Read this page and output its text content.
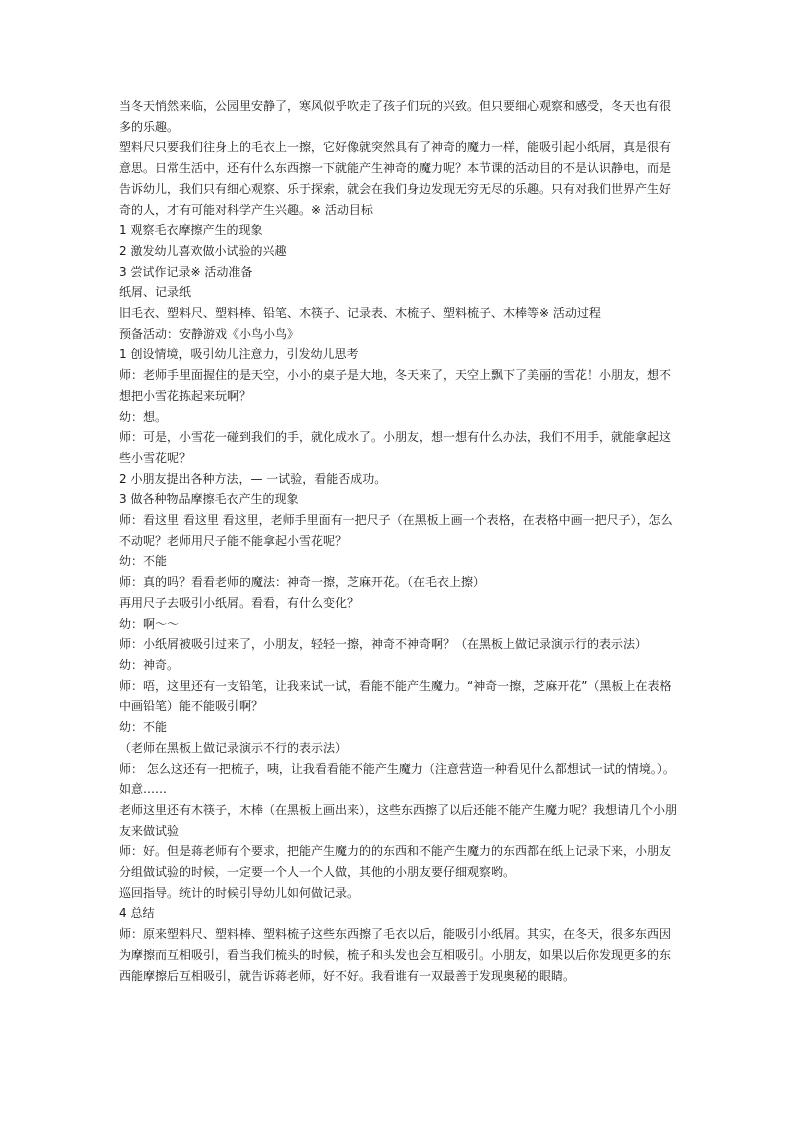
当冬天悄然来临，公园里安静了，寒风似乎吹走了孩子们玩的兴致。但只要细心观察和感受，冬天也有很

多的乐趣。

塑料尺只要我们往身上的毛衣上一擦，它好像就突然具有了神奇的魔力一样，能吸引起小纸屑，真是很有

意思。日常生活中，还有什么东西擦一下就能产生神奇的魔力呢？本节课的活动目的不是认识静电，而是

告诉幼儿，我们只有细心观察、乐于探索，就会在我们身边发现无穷无尽的乐趣。只有对我们世界产生好

奇的人，才有可能对科学产生兴趣。※ 活动目标

1 观察毛衣摩擦产生的现象

2 激发幼儿喜欢做小试验的兴趣

3 尝试作记录※ 活动准备

纸屑、记录纸

旧毛衣、塑料尺、塑料棒、铅笔、木筷子、记录表、木梳子、塑料梳子、木棒等※ 活动过程

预备活动：安静游戏《小鸟小鸟》

1 创设情境，吸引幼儿注意力，引发幼儿思考

师：老师手里面握住的是天空，小小的桌子是大地，冬天来了，天空上飘下了美丽的雪花！小朋友，想不

想把小雪花拣起来玩啊？

幼：想。

师：可是，小雪花一碰到我们的手，就化成水了。小朋友，想一想有什么办法，我们不用手，就能拿起这

些小雪花呢？

2 小朋友提出各种方法，— 一试验，看能否成功。

3 做各种物品摩擦毛衣产生的现象

师：看这里 看这里 看这里，老师手里面有一把尺子（在黑板上画一个表格，在表格中画一把尺子），怎么

不动呢？老师用尺子能不能拿起小雪花呢？

幼：不能

师：真的吗？看看老师的魔法：神奇一擦，芝麻开花。（在毛衣上擦）

再用尺子去吸引小纸屑。看看，有什么变化？

幼：啊～～

师：小纸屑被吸引过来了，小朋友，轻轻一擦，神奇不神奇啊？（在黑板上做记录演示行的表示法）

幼：神奇。

师：唔，这里还有一支铅笔，让我来试一试，看能不能产生魔力。“神奇一擦，芝麻开花”（黑板上在表格

中画铅笔）能不能吸引啊？

幼：不能

（老师在黑板上做记录演示不行的表示法）

师： 怎么这还有一把梳子，咦，让我看看能不能产生魔力（注意营造一种看见什么都想试一试的情境。）。

如意……

老师这里还有木筷子，木棒（在黑板上画出来），这些东西擦了以后还能不能产生魔力呢？我想请几个小朋

友来做试验

师：好。但是蒋老师有个要求，把能产生魔力的的东西和不能产生魔力的东西都在纸上记录下来，小朋友

分组做试验的时候，一定要一个人一个人做，其他的小朋友要仔细观察哟。

巡回指导。统计的时候引导幼儿如何做记录。

4 总结

师：原来塑料尺、塑料棒、塑料梳子这些东西擦了毛衣以后，能吸引小纸屑。其实，在冬天，很多东西因

为摩擦而互相吸引，看当我们梳头的时候，梳子和头发也会互相吸引。小朋友，如果以后你发现更多的东

西能摩擦后互相吸引，就告诉蒋老师，好不好。我看谁有一双最善于发现奥秘的眼睛。
